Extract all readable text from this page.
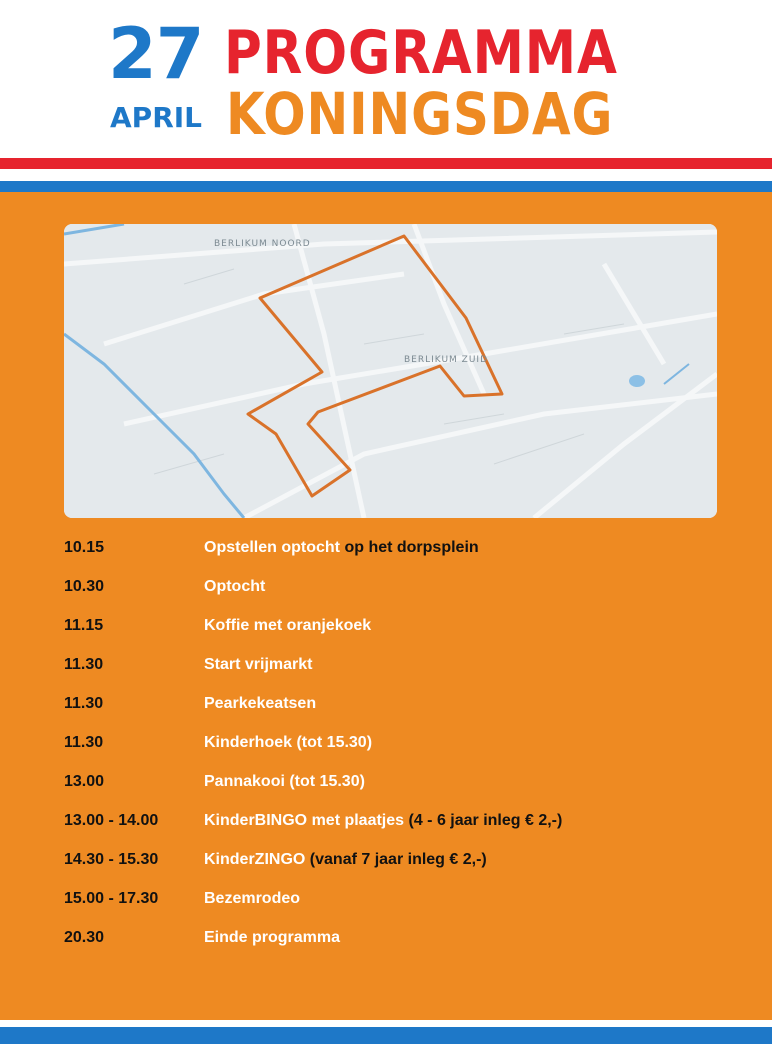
27
APRIL
PROGRAMMA
KONINGSDAG
BERLIKUM NOORD
BERLIKUM ZUID
10.15	Opstellen optocht op het dorpsplein
10.30	Optocht
11.15	Koffie met oranjekoek
11.30	Start vrijmarkt
11.30	Pearkekeatsen
11.30	Kinderhoek (tot 15.30)
13.00	Pannakooi (tot 15.30)
13.00 - 14.00	KinderBINGO met plaatjes (4 - 6 jaar inleg € 2,-)
14.30 - 15.30	KinderZINGO (vanaf 7 jaar inleg € 2,-)
15.00 - 17.30	Bezemrodeo
20.30	Einde programma
